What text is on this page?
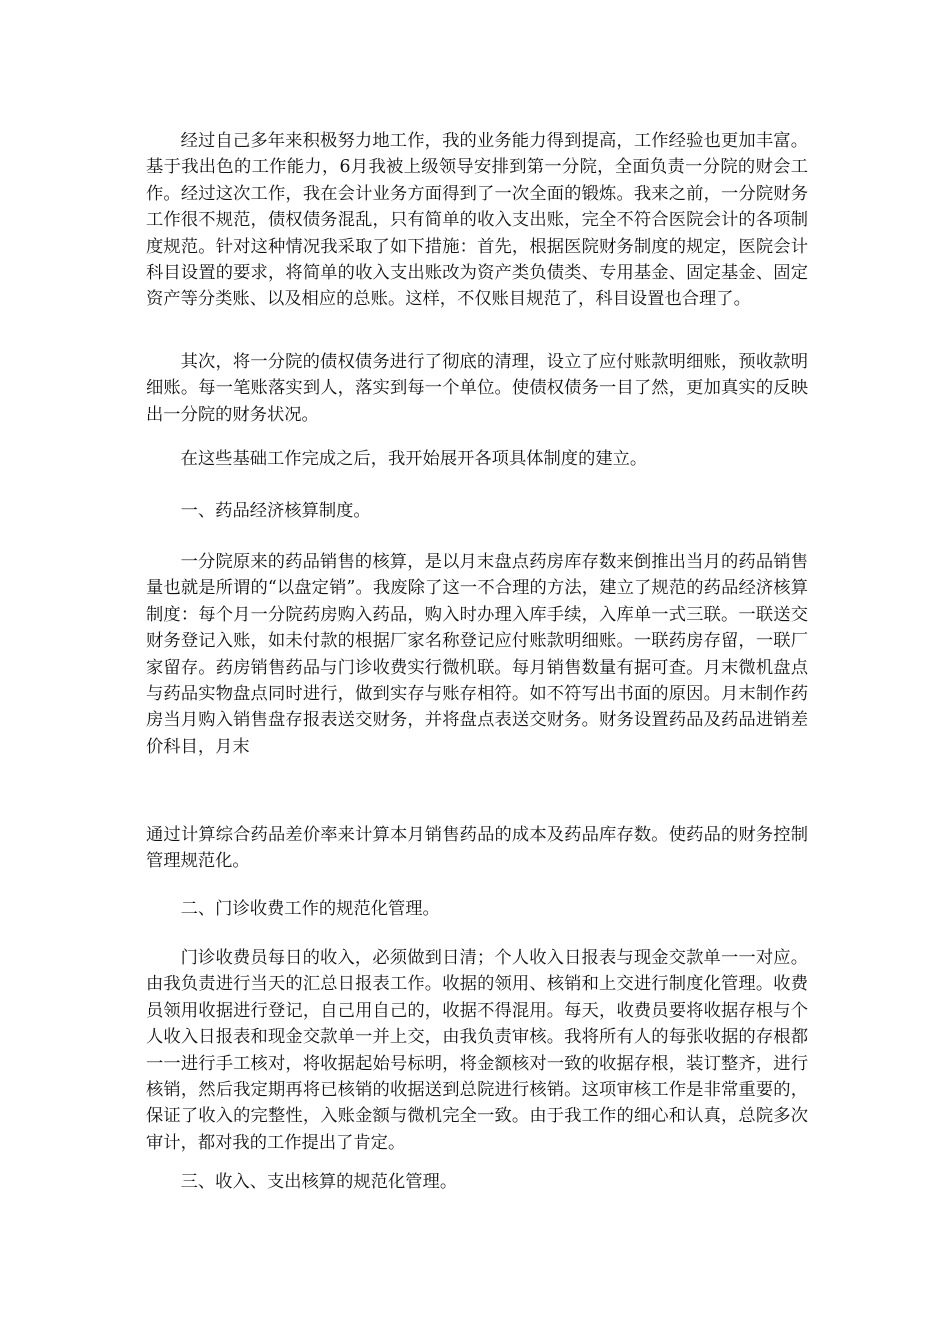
经过自己多年来积极努力地工作，我的业务能力得到提高，工作经验也更加丰富。基于我出色的工作能力，6月我被上级领导安排到第一分院，全面负责一分院的财会工作。经过这次工作，我在会计业务方面得到了一次全面的锻炼。我来之前，一分院财务工作很不规范，债权债务混乱，只有简单的收入支出账，完全不符合医院会计的各项制度规范。针对这种情况我采取了如下措施：首先，根据医院财务制度的规定，医院会计科目设置的要求，将简单的收入支出账改为资产类负债类、专用基金、固定基金、固定资产等分类账、以及相应的总账。这样，不仅账目规范了，科目设置也合理了。

其次，将一分院的债权债务进行了彻底的清理，设立了应付账款明细账，预收款明细账。每一笔账落实到人，落实到每一个单位。使债权债务一目了然，更加真实的反映出一分院的财务状况。

在这些基础工作完成之后，我开始展开各项具体制度的建立。

一、药品经济核算制度。

一分院原来的药品销售的核算，是以月末盘点药房库存数来倒推出当月的药品销售量也就是所谓的“以盘定销”。我废除了这一不合理的方法，建立了规范的药品经济核算制度：每个月一分院药房购入药品，购入时办理入库手续，入库单一式三联。一联送交财务登记入账，如未付款的根据厂家名称登记应付账款明细账。一联药房存留，一联厂家留存。药房销售药品与门诊收费实行微机联。每月销售数量有据可查。月末微机盘点与药品实物盘点同时进行，做到实存与账存相符。如不符写出书面的原因。月末制作药房当月购入销售盘存报表送交财务，并将盘点表送交财务。财务设置药品及药品进销差价科目，月末

通过计算综合药品差价率来计算本月销售药品的成本及药品库存数。使药品的财务控制管理规范化。

二、门诊收费工作的规范化管理。

门诊收费员每日的收入，必须做到日清；个人收入日报表与现金交款单一一对应。由我负责进行当天的汇总日报表工作。收据的领用、核销和上交进行制度化管理。收费员领用收据进行登记，自己用自己的，收据不得混用。每天，收费员要将收据存根与个人收入日报表和现金交款单一并上交，由我负责审核。我将所有人的每张收据的存根都一一进行手工核对，将收据起始号标明，将金额核对一致的收据存根，装订整齐，进行核销，然后我定期再将已核销的收据送到总院进行核销。这项审核工作是非常重要的，保证了收入的完整性，入账金额与微机完全一致。由于我工作的细心和认真，总院多次审计，都对我的工作提出了肯定。

三、收入、支出核算的规范化管理。
